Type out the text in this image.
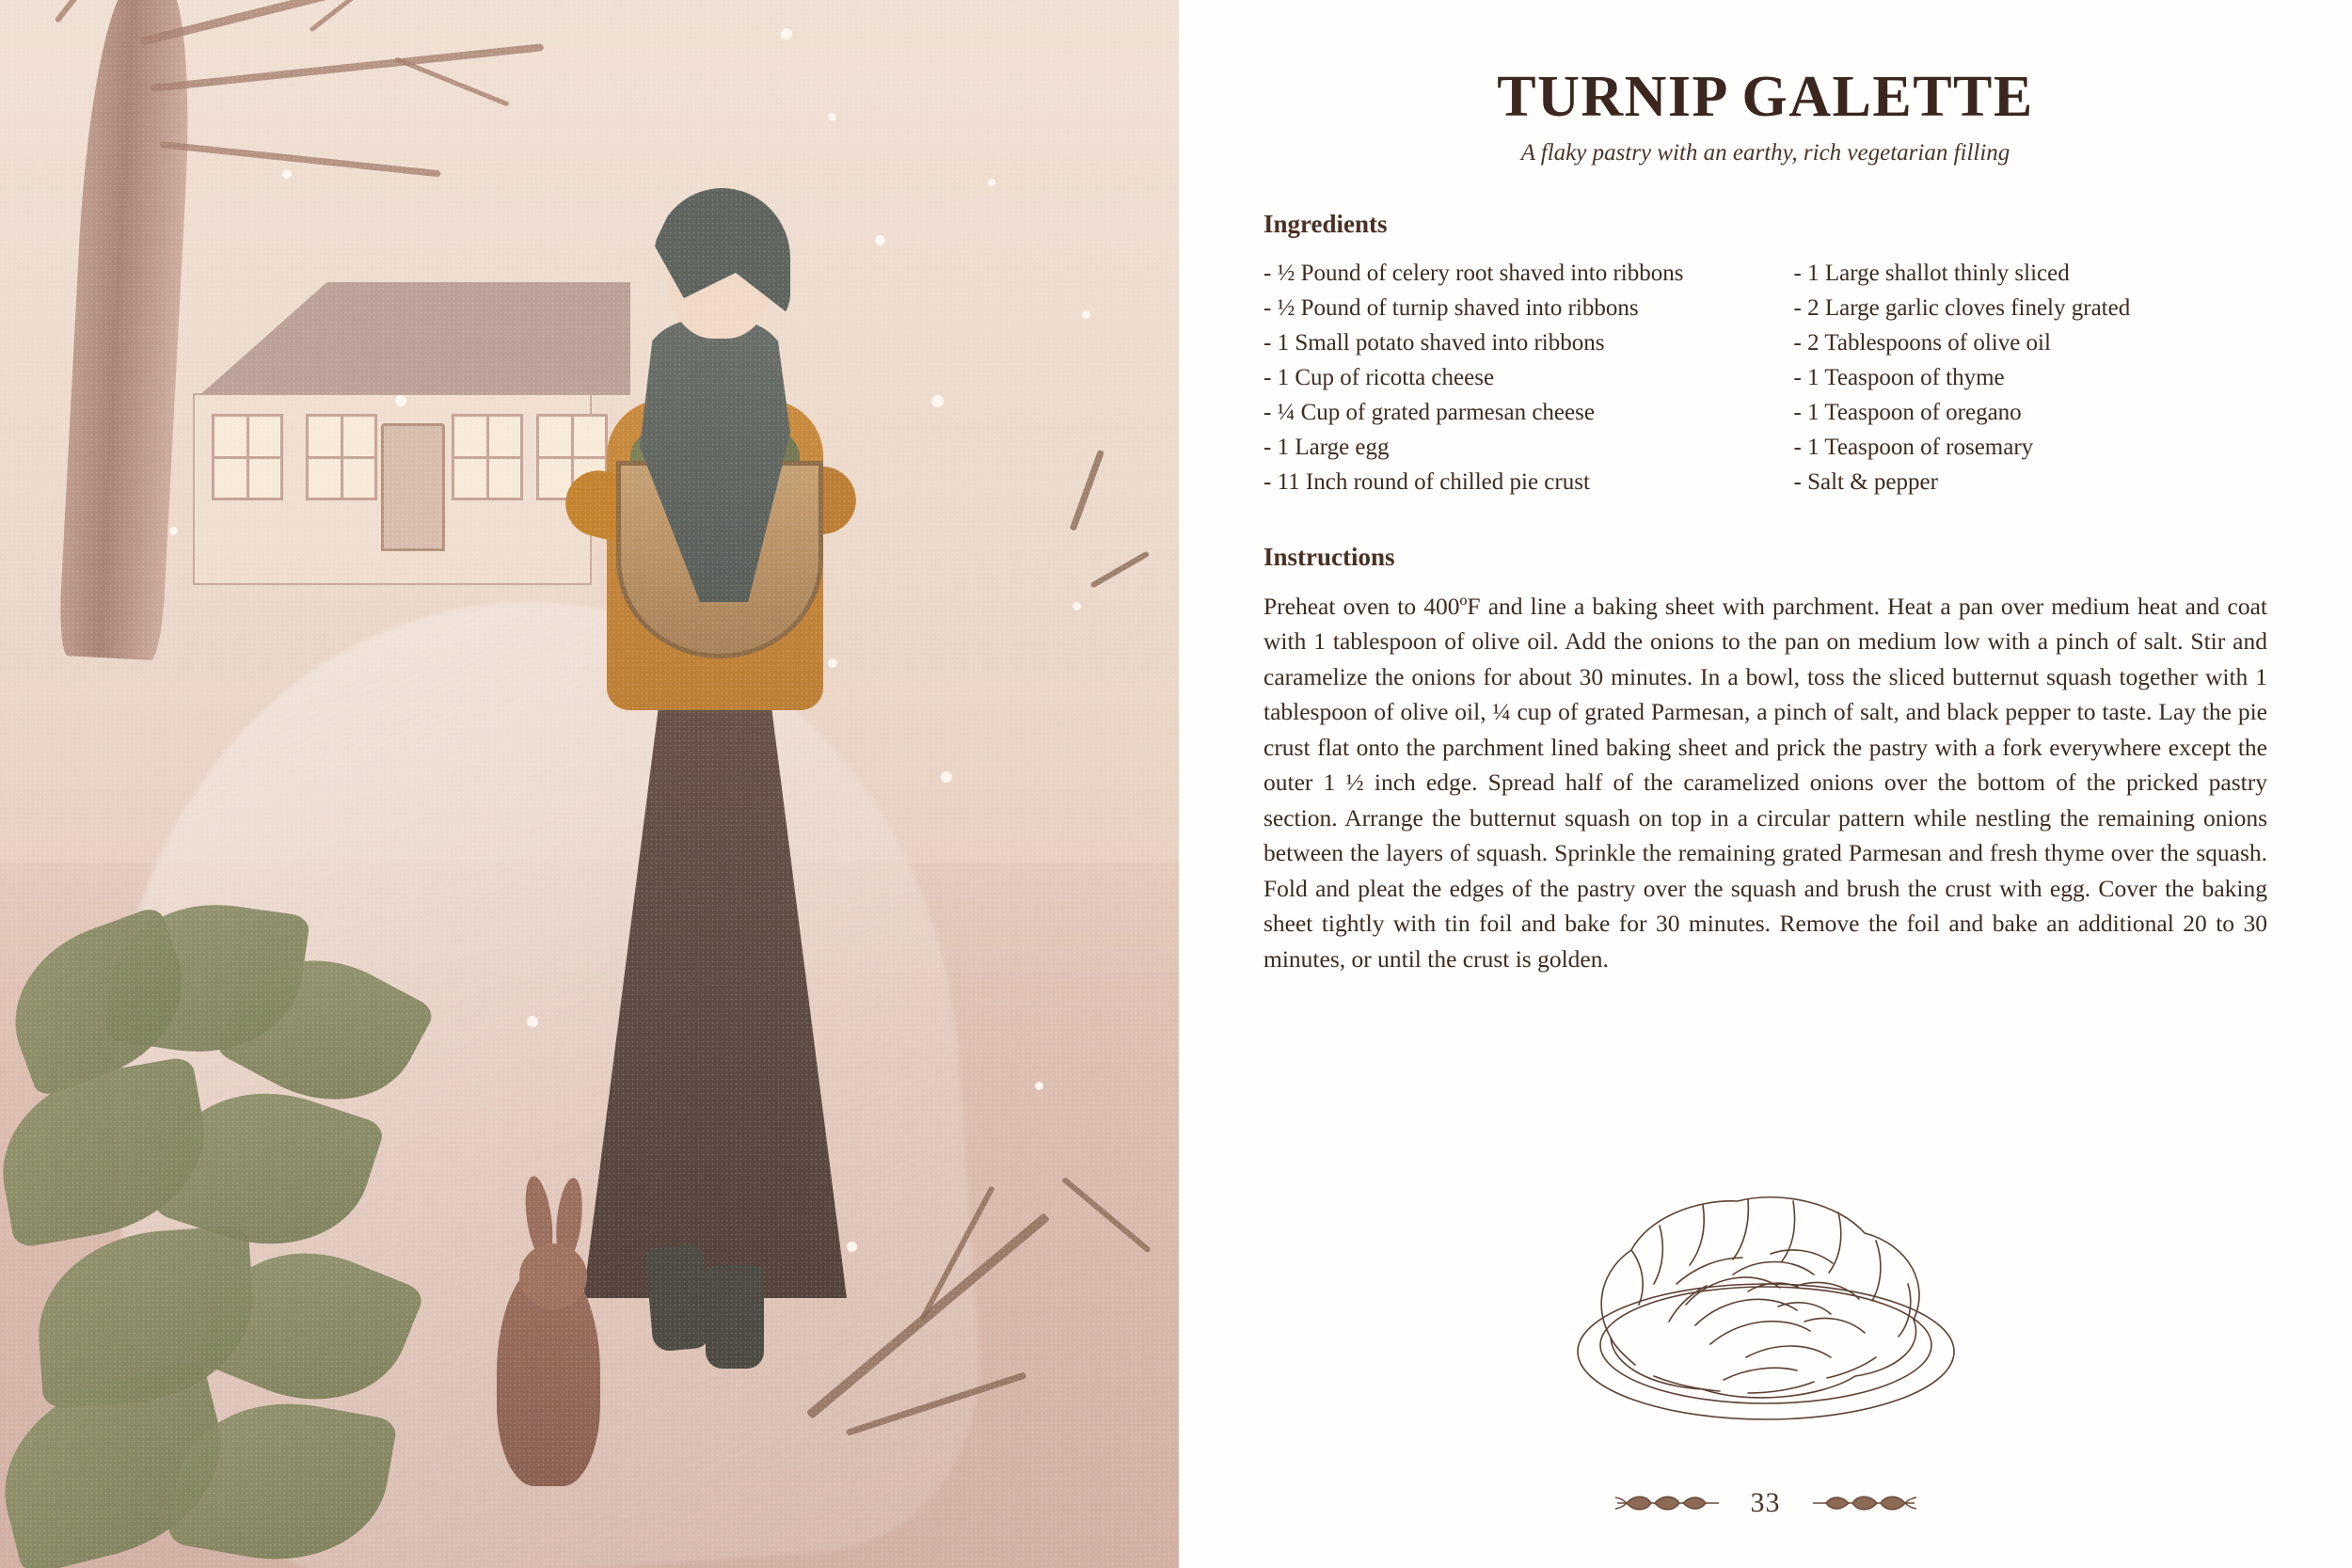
TURNIP GALETTE
A flaky pastry with an earthy, rich vegetarian filling
Ingredients
- ½ Pound of celery root shaved into ribbons
- ½ Pound of turnip shaved into ribbons
- 1 Small potato shaved into ribbons
- 1 Cup of ricotta cheese
- ¼ Cup of grated parmesan cheese
- 1 Large egg
- 11 Inch round of chilled pie crust
- 1 Large shallot thinly sliced
- 2 Large garlic cloves finely grated
- 2 Tablespoons of olive oil
- 1 Teaspoon of thyme
- 1 Teaspoon of oregano
- 1 Teaspoon of rosemary
- Salt & pepper
Instructions
Preheat oven to 400ºF and line a baking sheet with parchment. Heat a pan over medium heat and coat with 1 tablespoon of olive oil. Add the onions to the pan on medium low with a pinch of salt. Stir and caramelize the onions for about 30 minutes. In a bowl, toss the sliced butternut squash together with 1 tablespoon of olive oil, ¼ cup of grated Parmesan, a pinch of salt, and black pepper to taste. Lay the pie crust flat onto the parchment lined baking sheet and prick the pastry with a fork everywhere except the outer 1 ½ inch edge. Spread half of the caramelized onions over the bottom of the pricked pastry section. Arrange the butternut squash on top in a circular pattern while nestling the remaining onions between the layers of squash. Sprinkle the remaining grated Parmesan and fresh thyme over the squash. Fold and pleat the edges of the pastry over the squash and brush the crust with egg. Cover the baking sheet tightly with tin foil and bake for 30 minutes. Remove the foil and bake an additional 20 to 30 minutes, or until the crust is golden.
33
